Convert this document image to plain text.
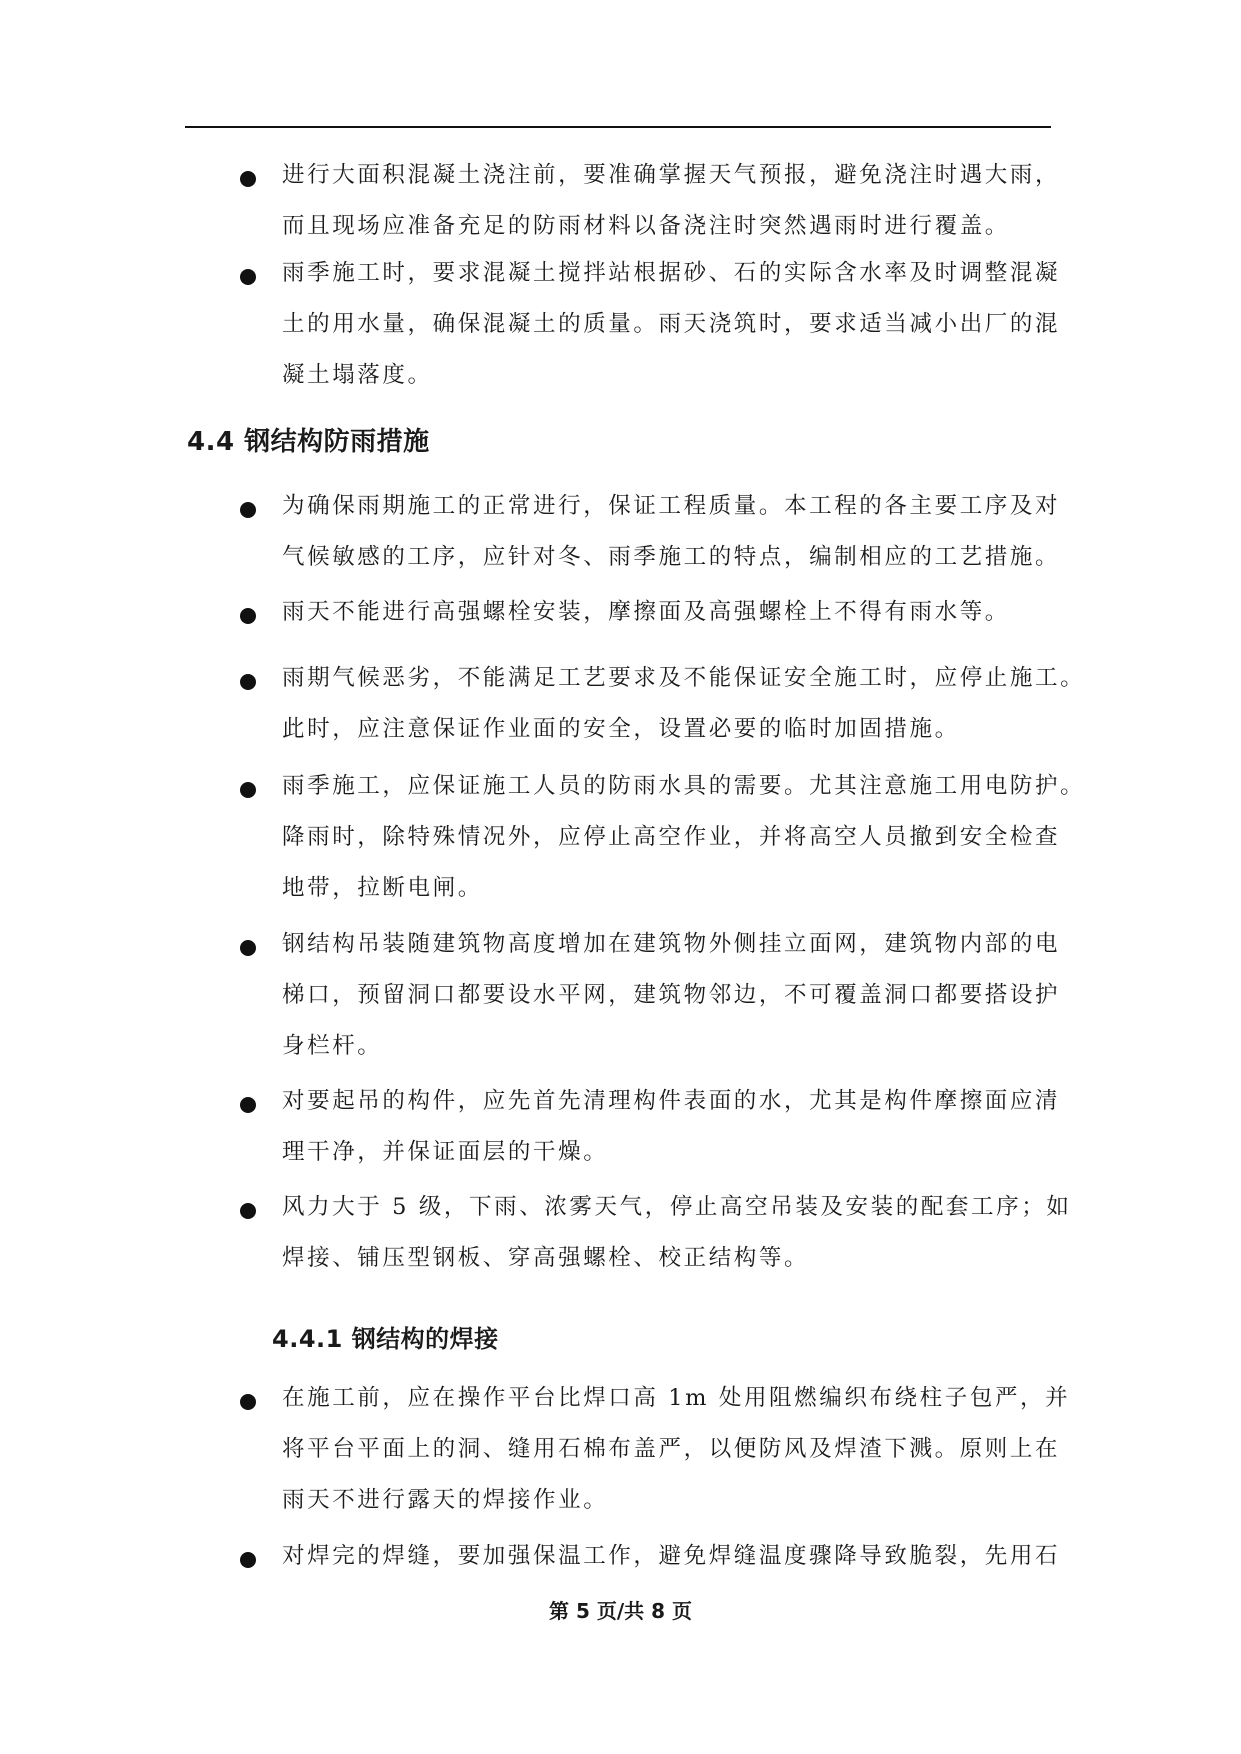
进行大面积混凝土浇注前，要准确掌握天气预报，避免浇注时遇大雨，
而且现场应准备充足的防雨材料以备浇注时突然遇雨时进行覆盖。
雨季施工时，要求混凝土搅拌站根据砂、石的实际含水率及时调整混凝
土的用水量，确保混凝土的质量。雨天浇筑时，要求适当减小出厂的混
凝土塌落度。
4.4 钢结构防雨措施
为确保雨期施工的正常进行，保证工程质量。本工程的各主要工序及对
气候敏感的工序，应针对冬、雨季施工的特点，编制相应的工艺措施。
雨天不能进行高强螺栓安装，摩擦面及高强螺栓上不得有雨水等。
雨期气候恶劣，不能满足工艺要求及不能保证安全施工时，应停止施工。
此时，应注意保证作业面的安全，设置必要的临时加固措施。
雨季施工，应保证施工人员的防雨水具的需要。尤其注意施工用电防护。
降雨时，除特殊情况外，应停止高空作业，并将高空人员撤到安全检查
地带，拉断电闸。
钢结构吊装随建筑物高度增加在建筑物外侧挂立面网，建筑物内部的电
梯口，预留洞口都要设水平网，建筑物邻边，不可覆盖洞口都要搭设护
身栏杆。
对要起吊的构件，应先首先清理构件表面的水，尤其是构件摩擦面应清
理干净，并保证面层的干燥。
风力大于 5 级，下雨、浓雾天气，停止高空吊装及安装的配套工序；如
焊接、铺压型钢板、穿高强螺栓、校正结构等。
4.4.1 钢结构的焊接
在施工前，应在操作平台比焊口高 1m 处用阻燃编织布绕柱子包严，并
将平台平面上的洞、缝用石棉布盖严，以便防风及焊渣下溅。原则上在
雨天不进行露天的焊接作业。
对焊完的焊缝，要加强保温工作，避免焊缝温度骤降导致脆裂，先用石
第 5 页/共 8 页
